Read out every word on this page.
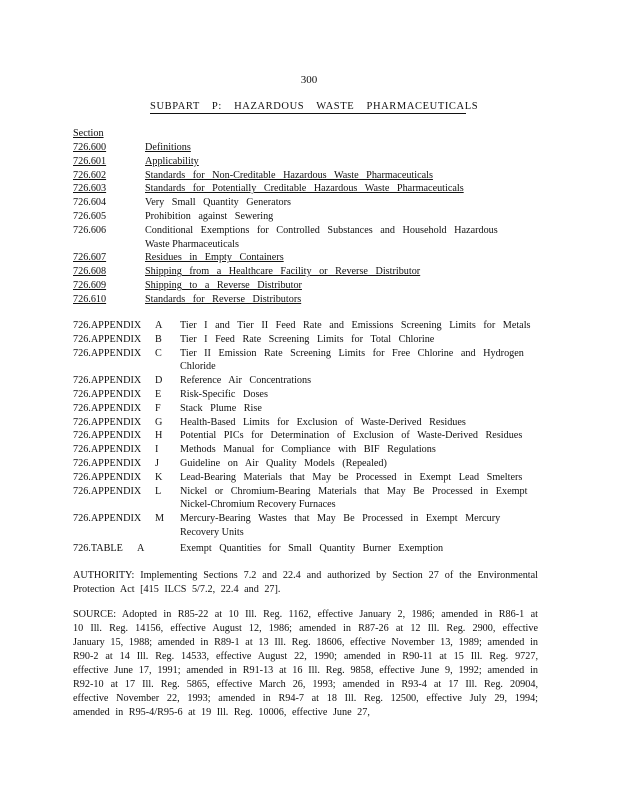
300
SUBPART P: HAZARDOUS WASTE PHARMACEUTICALS
Section
726.600	Definitions
726.601	Applicability
726.602	Standards for Non-Creditable Hazardous Waste Pharmaceuticals
726.603	Standards for Potentially Creditable Hazardous Waste Pharmaceuticals
726.604	Very Small Quantity Generators
726.605	Prohibition against Sewering
726.606	Conditional Exemptions for Controlled Substances and Household Hazardous
Waste Pharmaceuticals
726.607	Residues in Empty Containers
726.608	Shipping from a Healthcare Facility or Reverse Distributor
726.609	Shipping to a Reverse Distributor
726.610	Standards for Reverse Distributors
726.APPENDIX A Tier I and Tier II Feed Rate and Emissions Screening Limits for Metals
726.APPENDIX B Tier I Feed Rate Screening Limits for Total Chlorine
726.APPENDIX C Tier II Emission Rate Screening Limits for Free Chlorine and Hydrogen
Chloride
726.APPENDIX D Reference Air Concentrations
726.APPENDIX E Risk-Specific Doses
726.APPENDIX F Stack Plume Rise
726.APPENDIX G Health-Based Limits for Exclusion of Waste-Derived Residues
726.APPENDIX H Potential PICs for Determination of Exclusion of Waste-Derived Residues
726.APPENDIX I Methods Manual for Compliance with BIF Regulations
726.APPENDIX J Guideline on Air Quality Models (Repealed)
726.APPENDIX K Lead-Bearing Materials that May be Processed in Exempt Lead Smelters
726.APPENDIX L Nickel or Chromium-Bearing Materials that May Be Processed in Exempt
Nickel-Chromium Recovery Furnaces
726.APPENDIX M Mercury-Bearing Wastes that May Be Processed in Exempt Mercury
Recovery Units
726.TABLE A	Exempt Quantities for Small Quantity Burner Exemption
AUTHORITY: Implementing Sections 7.2 and 22.4 and authorized by Section 27 of the Environmental Protection Act [415 ILCS 5/7.2, 22.4 and 27].
SOURCE: Adopted in R85-22 at 10 Ill. Reg. 1162, effective January 2, 1986; amended in R86-1 at 10 Ill. Reg. 14156, effective August 12, 1986; amended in R87-26 at 12 Ill. Reg. 2900, effective January 15, 1988; amended in R89-1 at 13 Ill. Reg. 18606, effective November 13, 1989; amended in R90-2 at 14 Ill. Reg. 14533, effective August 22, 1990; amended in R90-11 at 15 Ill. Reg. 9727, effective June 17, 1991; amended in R91-13 at 16 Ill. Reg. 9858, effective June 9, 1992; amended in R92-10 at 17 Ill. Reg. 5865, effective March 26, 1993; amended in R93-4 at 17 Ill. Reg. 20904, effective November 22, 1993; amended in R94-7 at 18 Ill. Reg. 12500, effective July 29, 1994; amended in R95-4/R95-6 at 19 Ill. Reg. 10006, effective June 27,
